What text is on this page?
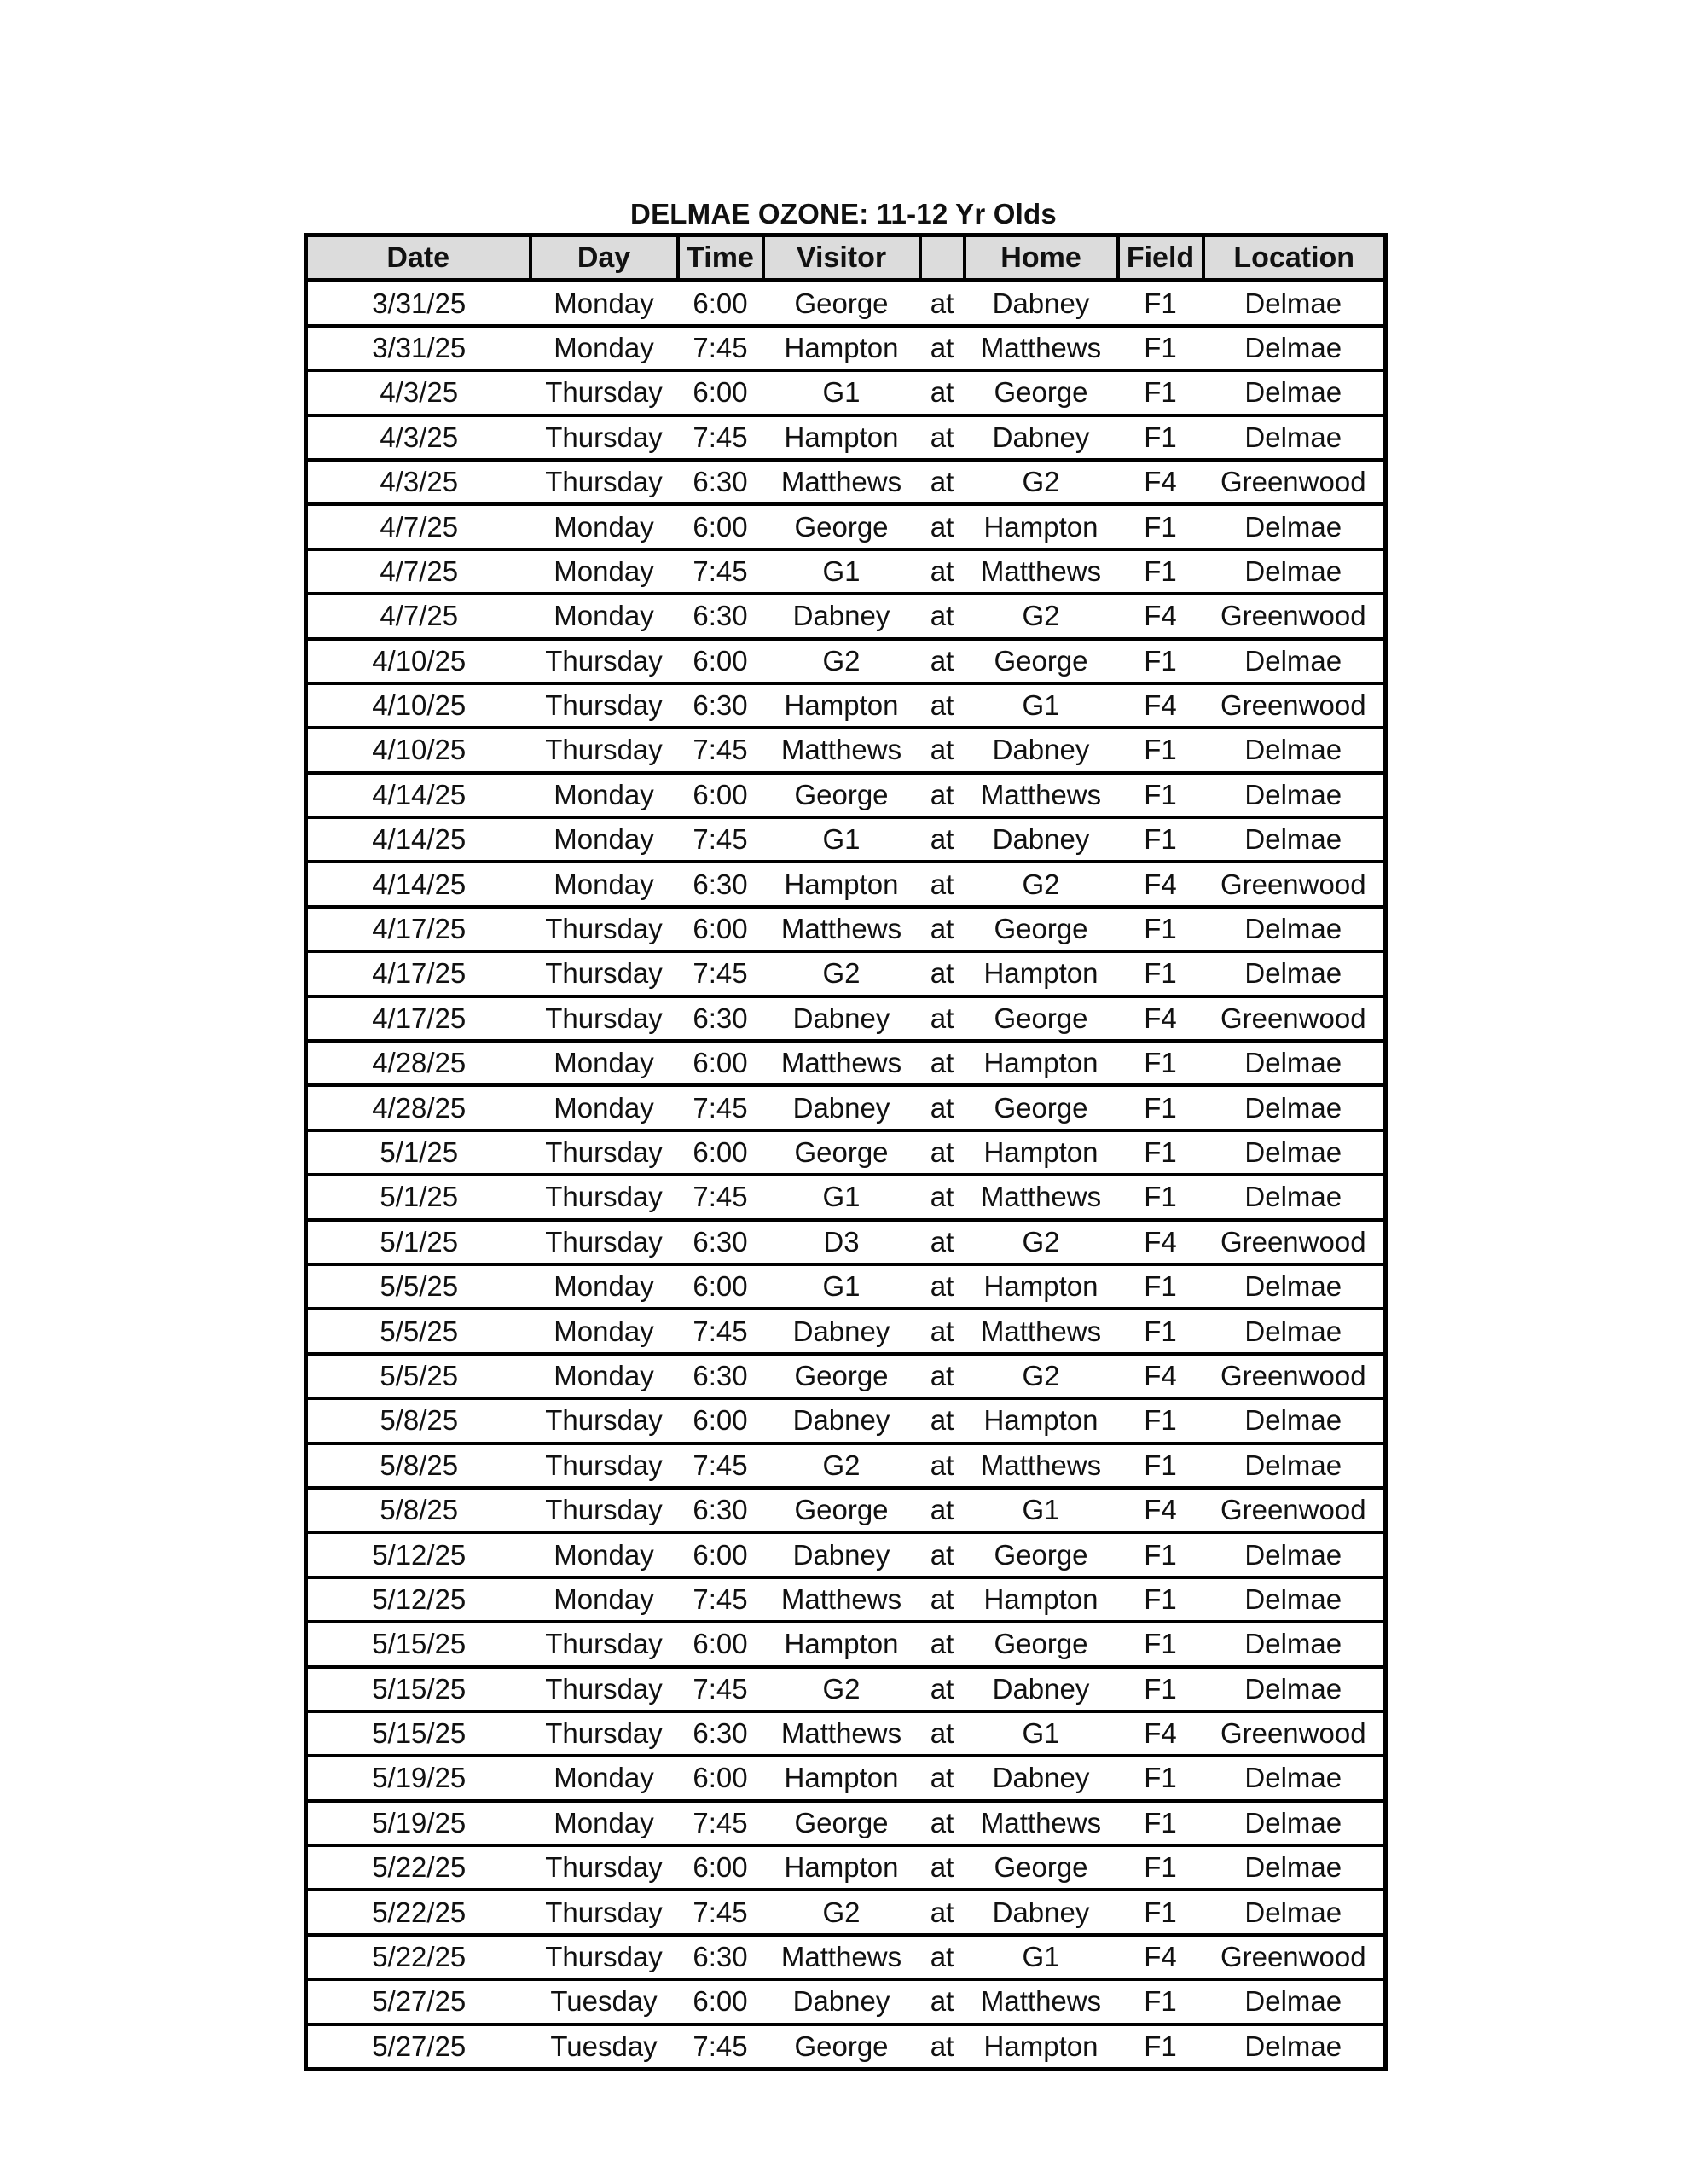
DELMAE OZONE: 11-12 Yr Olds
Date	Day	Time	Visitor		Home	Field	Location
3/31/25	Monday	6:00	George	at	Dabney	F1	Delmae
3/31/25	Monday	7:45	Hampton	at	Matthews	F1	Delmae
4/3/25	Thursday	6:00	G1	at	George	F1	Delmae
4/3/25	Thursday	7:45	Hampton	at	Dabney	F1	Delmae
4/3/25	Thursday	6:30	Matthews	at	G2	F4	Greenwood
4/7/25	Monday	6:00	George	at	Hampton	F1	Delmae
4/7/25	Monday	7:45	G1	at	Matthews	F1	Delmae
4/7/25	Monday	6:30	Dabney	at	G2	F4	Greenwood
4/10/25	Thursday	6:00	G2	at	George	F1	Delmae
4/10/25	Thursday	6:30	Hampton	at	G1	F4	Greenwood
4/10/25	Thursday	7:45	Matthews	at	Dabney	F1	Delmae
4/14/25	Monday	6:00	George	at	Matthews	F1	Delmae
4/14/25	Monday	7:45	G1	at	Dabney	F1	Delmae
4/14/25	Monday	6:30	Hampton	at	G2	F4	Greenwood
4/17/25	Thursday	6:00	Matthews	at	George	F1	Delmae
4/17/25	Thursday	7:45	G2	at	Hampton	F1	Delmae
4/17/25	Thursday	6:30	Dabney	at	George	F4	Greenwood
4/28/25	Monday	6:00	Matthews	at	Hampton	F1	Delmae
4/28/25	Monday	7:45	Dabney	at	George	F1	Delmae
5/1/25	Thursday	6:00	George	at	Hampton	F1	Delmae
5/1/25	Thursday	7:45	G1	at	Matthews	F1	Delmae
5/1/25	Thursday	6:30	D3	at	G2	F4	Greenwood
5/5/25	Monday	6:00	G1	at	Hampton	F1	Delmae
5/5/25	Monday	7:45	Dabney	at	Matthews	F1	Delmae
5/5/25	Monday	6:30	George	at	G2	F4	Greenwood
5/8/25	Thursday	6:00	Dabney	at	Hampton	F1	Delmae
5/8/25	Thursday	7:45	G2	at	Matthews	F1	Delmae
5/8/25	Thursday	6:30	George	at	G1	F4	Greenwood
5/12/25	Monday	6:00	Dabney	at	George	F1	Delmae
5/12/25	Monday	7:45	Matthews	at	Hampton	F1	Delmae
5/15/25	Thursday	6:00	Hampton	at	George	F1	Delmae
5/15/25	Thursday	7:45	G2	at	Dabney	F1	Delmae
5/15/25	Thursday	6:30	Matthews	at	G1	F4	Greenwood
5/19/25	Monday	6:00	Hampton	at	Dabney	F1	Delmae
5/19/25	Monday	7:45	George	at	Matthews	F1	Delmae
5/22/25	Thursday	6:00	Hampton	at	George	F1	Delmae
5/22/25	Thursday	7:45	G2	at	Dabney	F1	Delmae
5/22/25	Thursday	6:30	Matthews	at	G1	F4	Greenwood
5/27/25	Tuesday	6:00	Dabney	at	Matthews	F1	Delmae
5/27/25	Tuesday	7:45	George	at	Hampton	F1	Delmae
